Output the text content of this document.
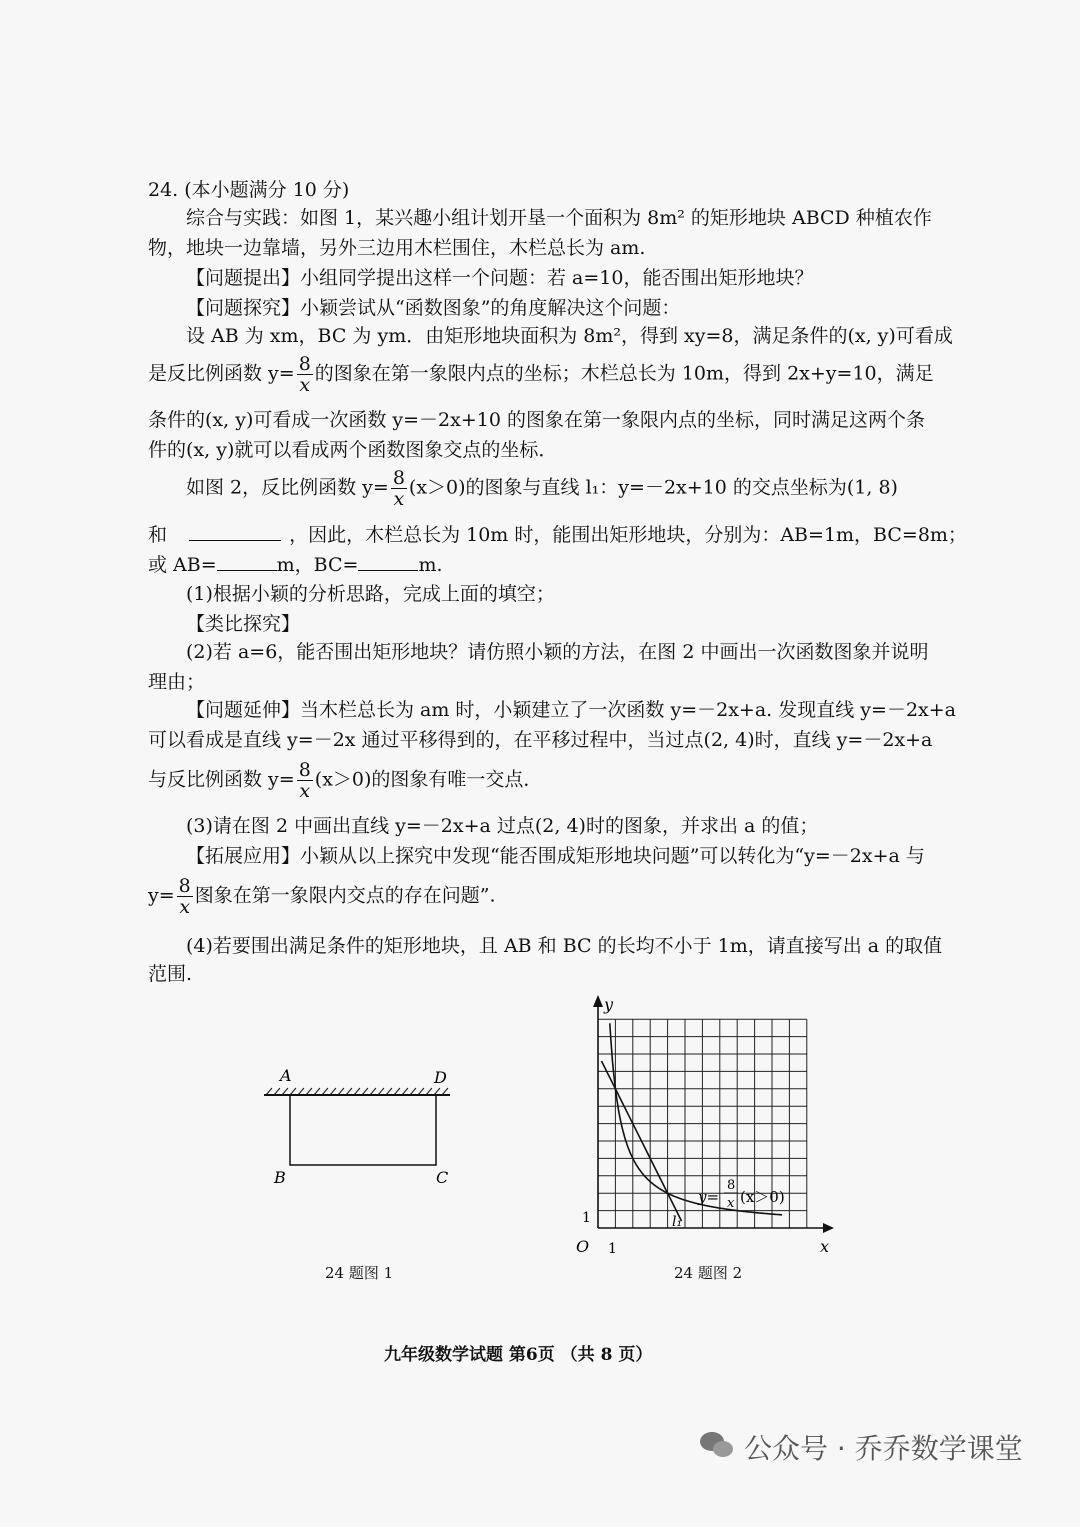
24. (本小题满分 10 分)
综合与实践：如图 1，某兴趣小组计划开垦一个面积为 8m² 的矩形地块 ABCD 种植农作
物，地块一边靠墙，另外三边用木栏围住，木栏总长为 am.
【问题提出】小组同学提出这样一个问题：若 a=10，能否围出矩形地块？
【问题探究】小颖尝试从“函数图象”的角度解决这个问题：
设 AB 为 xm，BC 为 ym．由矩形地块面积为 8m²，得到 xy=8，满足条件的(x, y)可看成
是反比例函数 $y= \frac{8}{x}$ 的图象在第一象限内点的坐标；木栏总长为 10m，得到 2x+y=10，满足
条件的(x, y)可看成一次函数 y=－2x+10 的图象在第一象限内点的坐标，同时满足这两个条
件的(x, y)就可以看成两个函数图象交点的坐标．
如图 2，反比例函数 $y= \frac{8}{x} (x>0)$的图象与直线 l₁：y=－2x+10 的交点坐标为(1, 8)
和	，因此，木栏总长为 10m 时，能围出矩形地块，分别为：AB=1m，BC=8m；
或 AB=	m，BC=	m.
(1)根据小颖的分析思路，完成上面的填空；
【类比探究】
(2)若 a=6，能否围出矩形地块？请仿照小颖的方法，在图 2 中画出一次函数图象并说明
理由；
【问题延伸】当木栏总长为 am 时，小颖建立了一次函数 y=－2x+a. 发现直线 y=－2x+a
可以看成是直线 y=－2x 通过平移得到的，在平移过程中，当过点(2, 4)时，直线 y=－2x+a
与反比例函数 $y= \frac{8}{x} (x>0)$的图象有唯一交点．
(3)请在图 2 中画出直线 y=－2x+a 过点(2, 4)时的图象，并求出 a 的值；
【拓展应用】小颖从以上探究中发现“能否围成矩形地块问题”可以转化为“y=－2x+a 与
$y= \frac{8}{x}$ 图象在第一象限内交点的存在问题”.
(4)若要围出满足条件的矩形地块，且 AB 和 BC 的长均不小于 1m，请直接写出 a 的取值
范围.
A	D
B	C
24 题图 1
y
x
O 1
1
y=
8
x (x＞0)
l₁
24 题图 2
九年级数学试题 第6页 （共 8 页）
公众号 · 乔乔数学课堂
